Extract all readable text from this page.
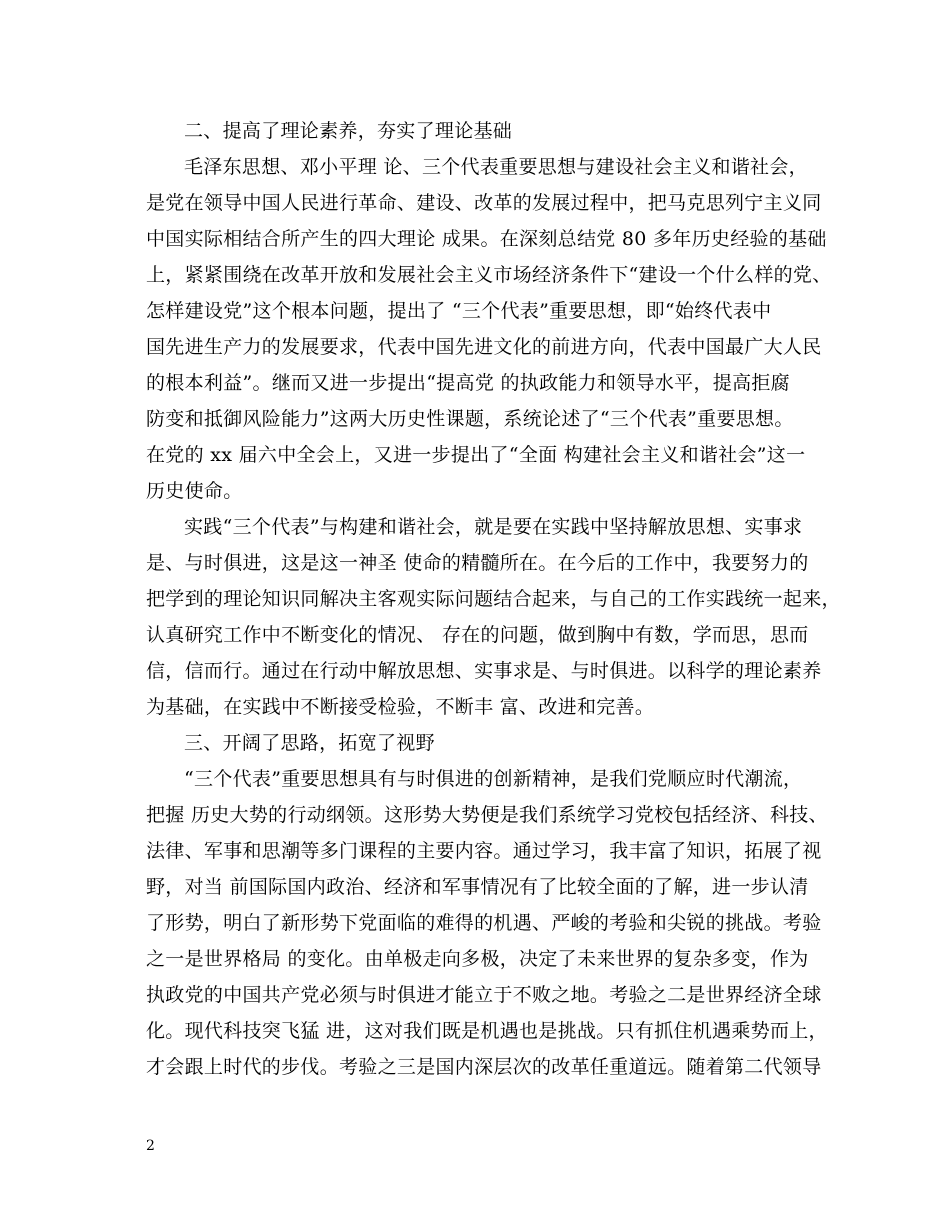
二、提高了理论素养，夯实了理论基础
毛泽东思想、邓小平理 论、三个代表重要思想与建设社会主义和谐社会，
是党在领导中国人民进行革命、建设、改革的发展过程中，把马克思列宁主义同
中国实际相结合所产生的四大理论 成果。在深刻总结党 80 多年历史经验的基础
上，紧紧围绕在改革开放和发展社会主义市场经济条件下“建设一个什么样的党、
怎样建设党”这个根本问题，提出了 “三个代表”重要思想，即“始终代表中
国先进生产力的发展要求，代表中国先进文化的前进方向，代表中国最广大人民
的根本利益”。继而又进一步提出“提高党 的执政能力和领导水平，提高拒腐
防变和抵御风险能力”这两大历史性课题，系统论述了“三个代表”重要思想。
在党的 xx 届六中全会上，又进一步提出了“全面 构建社会主义和谐社会”这一
历史使命。
实践“三个代表”与构建和谐社会，就是要在实践中坚持解放思想、实事求
是、与时俱进，这是这一神圣 使命的精髓所在。在今后的工作中，我要努力的
把学到的理论知识同解决主客观实际问题结合起来，与自己的工作实践统一起来，
认真研究工作中不断变化的情况、 存在的问题，做到胸中有数，学而思，思而
信，信而行。通过在行动中解放思想、实事求是、与时俱进。以科学的理论素养
为基础，在实践中不断接受检验，不断丰 富、改进和完善。
三、开阔了思路，拓宽了视野
“三个代表”重要思想具有与时俱进的创新精神，是我们党顺应时代潮流，
把握 历史大势的行动纲领。这形势大势便是我们系统学习党校包括经济、科技、
法律、军事和思潮等多门课程的主要内容。通过学习，我丰富了知识，拓展了视
野，对当 前国际国内政治、经济和军事情况有了比较全面的了解，进一步认清
了形势，明白了新形势下党面临的难得的机遇、严峻的考验和尖锐的挑战。考验
之一是世界格局 的变化。由单极走向多极，决定了未来世界的复杂多变，作为
执政党的中国共产党必须与时俱进才能立于不败之地。考验之二是世界经济全球
化。现代科技突飞猛 进，这对我们既是机遇也是挑战。只有抓住机遇乘势而上，
才会跟上时代的步伐。考验之三是国内深层次的改革任重道远。随着第二代领导
2
